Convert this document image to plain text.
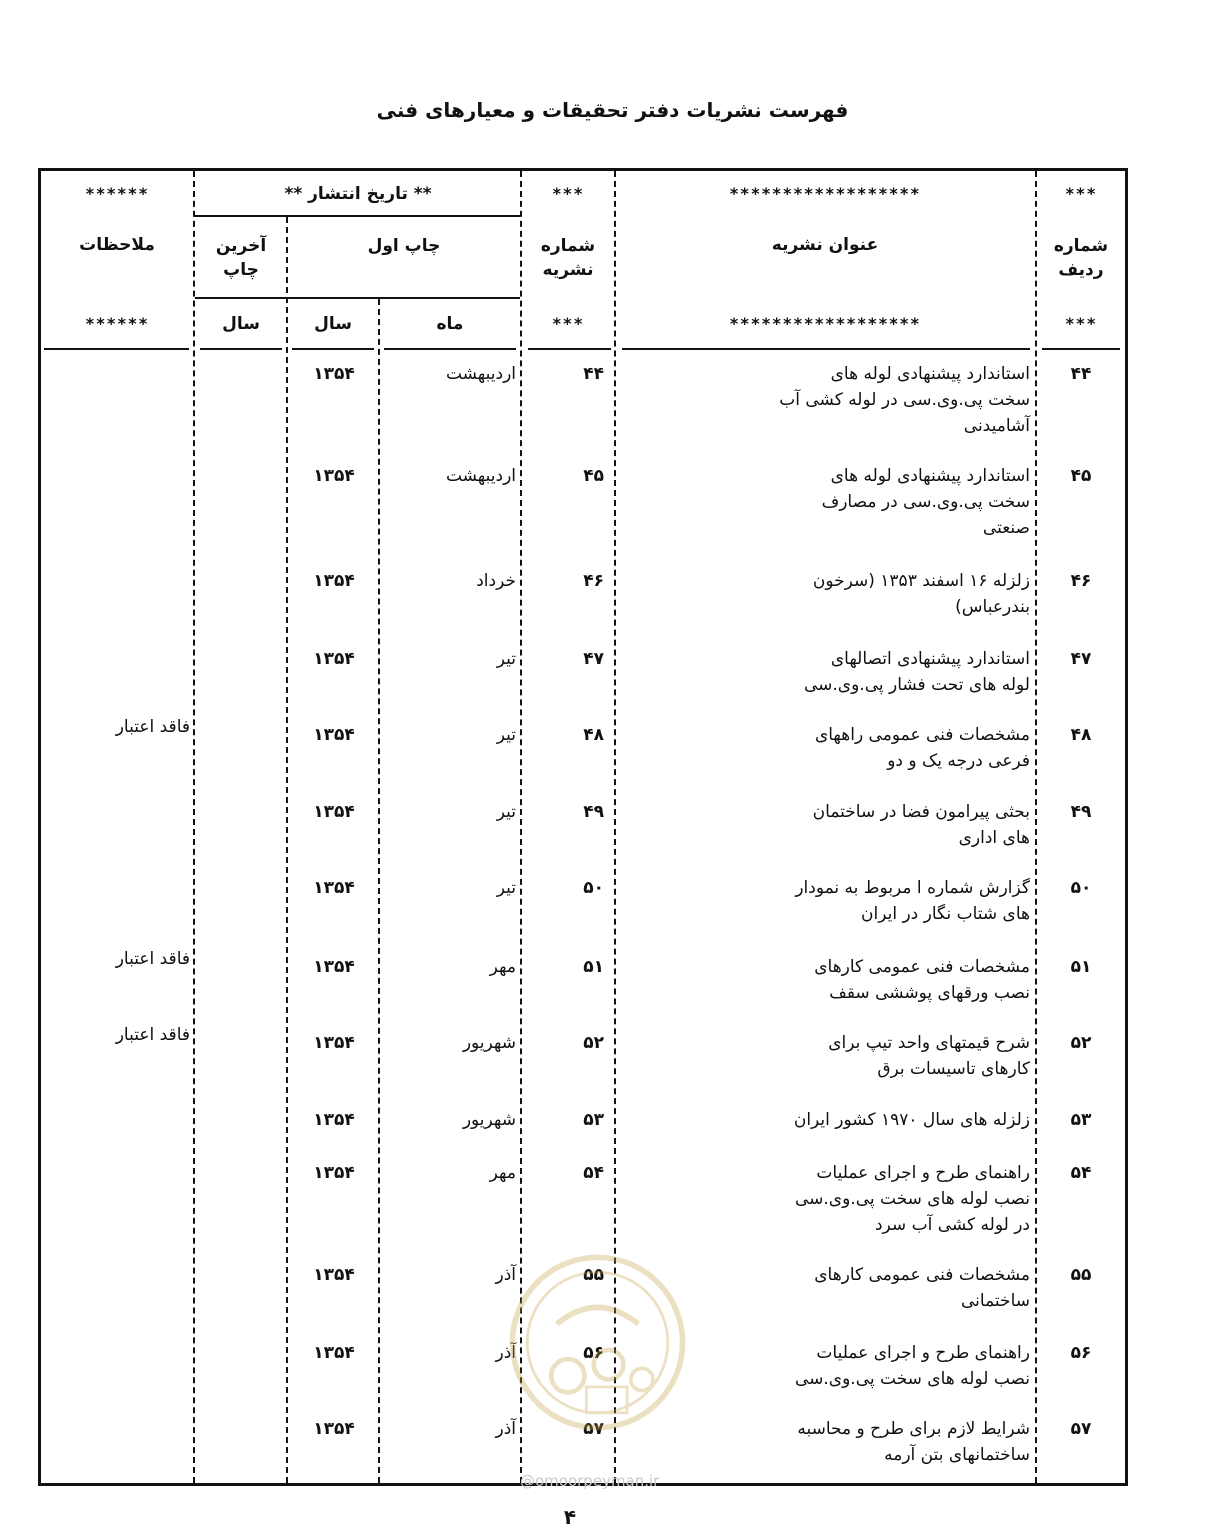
فهرست نشریات دفتر تحقیقات و معیارهای فنی
***
شماره ردیف
***
******************
عنوان نشریه
******************
***
شماره نشریه
***
** تاریخ انتشار **
چاپ اول
آخرین چاپ
ماه
سال
سال
******
ملاحظات
******
۴۴
استاندارد پیشنهادی لوله های
سخت پی.وی.سی در لوله کشی آب
آشامیدنی
۴۴
اردیبهشت
۱۳۵۴
۴۵
استاندارد پیشنهادی لوله های
سخت پی.وی.سی در مصارف
صنعتی
۴۵
اردیبهشت
۱۳۵۴
۴۶
زلزله ۱۶ اسفند ۱۳۵۳ (سرخون
بندرعباس)
۴۶
خرداد
۱۳۵۴
۴۷
استاندارد پیشنهادی اتصالهای
لوله های تحت فشار پی.وی.سی
۴۷
تیر
۱۳۵۴
۴۸
مشخصات فنی عمومی راههای
فرعی درجه یک و دو
۴۸
تیر
۱۳۵۴
فاقد اعتبار
۴۹
بحثی پیرامون فضا در ساختمان
های اداری
۴۹
تیر
۱۳۵۴
۵۰
گزارش شماره ا مربوط به نمودار
های شتاب نگار در ایران
۵۰
تیر
۱۳۵۴
۵۱
مشخصات فنی عمومی کارهای
نصب ورقهای پوششی سقف
۵۱
مهر
۱۳۵۴
فاقد اعتبار
۵۲
شرح قیمتهای واحد تیپ برای
کارهای تاسیسات برق
۵۲
شهریور
۱۳۵۴
فاقد اعتبار
۵۳
زلزله های سال ۱۹۷۰ کشور ایران
۵۳
شهریور
۱۳۵۴
۵۴
راهنمای طرح و اجرای عملیات
نصب لوله های سخت پی.وی.سی
در لوله کشی آب سرد
۵۴
مهر
۱۳۵۴
۵۵
مشخصات فنی عمومی کارهای
ساختمانی
۵۵
آذر
۱۳۵۴
۵۶
راهنمای طرح و اجرای عملیات
نصب لوله های سخت پی.وی.سی
۵۶
آذر
۱۳۵۴
۵۷
شرایط لازم برای طرح و محاسبه
ساختمانهای بتن آرمه
۵۷
آذر
۱۳۵۴
@omoorpeyman.ir
۴
